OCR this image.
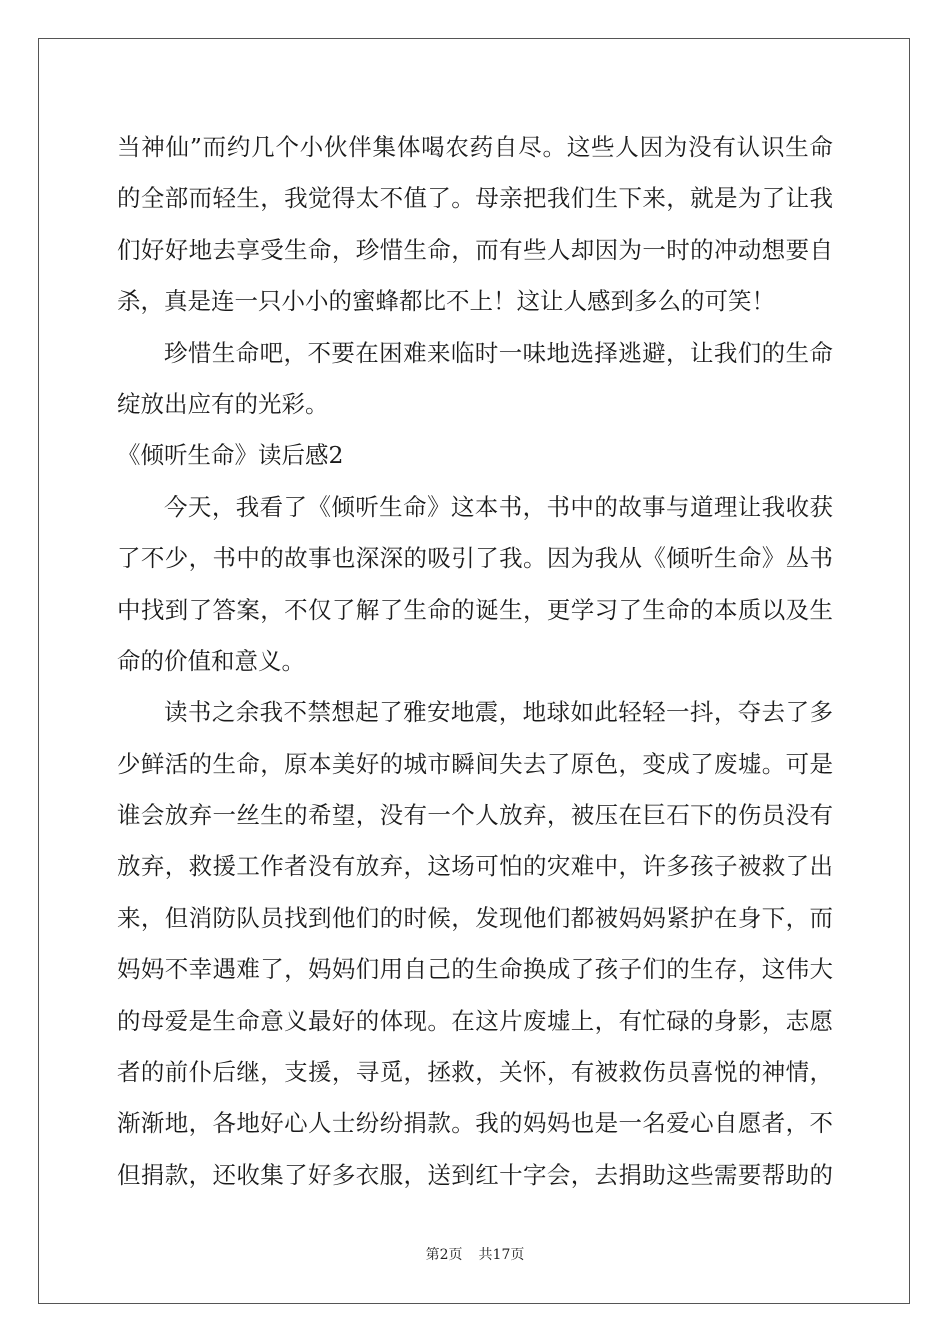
当神仙”而约几个小伙伴集体喝农药自尽。这些人因为没有认识生命
的全部而轻生，我觉得太不值了。母亲把我们生下来，就是为了让我
们好好地去享受生命，珍惜生命，而有些人却因为一时的冲动想要自
杀，真是连一只小小的蜜蜂都比不上！这让人感到多么的可笑！
珍惜生命吧，不要在困难来临时一味地选择逃避，让我们的生命
绽放出应有的光彩。
《倾听生命》读后感2
今天，我看了《倾听生命》这本书，书中的故事与道理让我收获
了不少，书中的故事也深深的吸引了我。因为我从《倾听生命》丛书
中找到了答案，不仅了解了生命的诞生，更学习了生命的本质以及生
命的价值和意义。
读书之余我不禁想起了雅安地震，地球如此轻轻一抖，夺去了多
少鲜活的生命，原本美好的城市瞬间失去了原色，变成了废墟。可是
谁会放弃一丝生的希望，没有一个人放弃，被压在巨石下的伤员没有
放弃，救援工作者没有放弃，这场可怕的灾难中，许多孩子被救了出
来，但消防队员找到他们的时候，发现他们都被妈妈紧护在身下，而
妈妈不幸遇难了，妈妈们用自己的生命换成了孩子们的生存，这伟大
的母爱是生命意义最好的体现。在这片废墟上，有忙碌的身影，志愿
者的前仆后继，支援，寻觅，拯救，关怀，有被救伤员喜悦的神情，
渐渐地，各地好心人士纷纷捐款。我的妈妈也是一名爱心自愿者，不
但捐款，还收集了好多衣服，送到红十字会，去捐助这些需要帮助的
第2页 共17页
